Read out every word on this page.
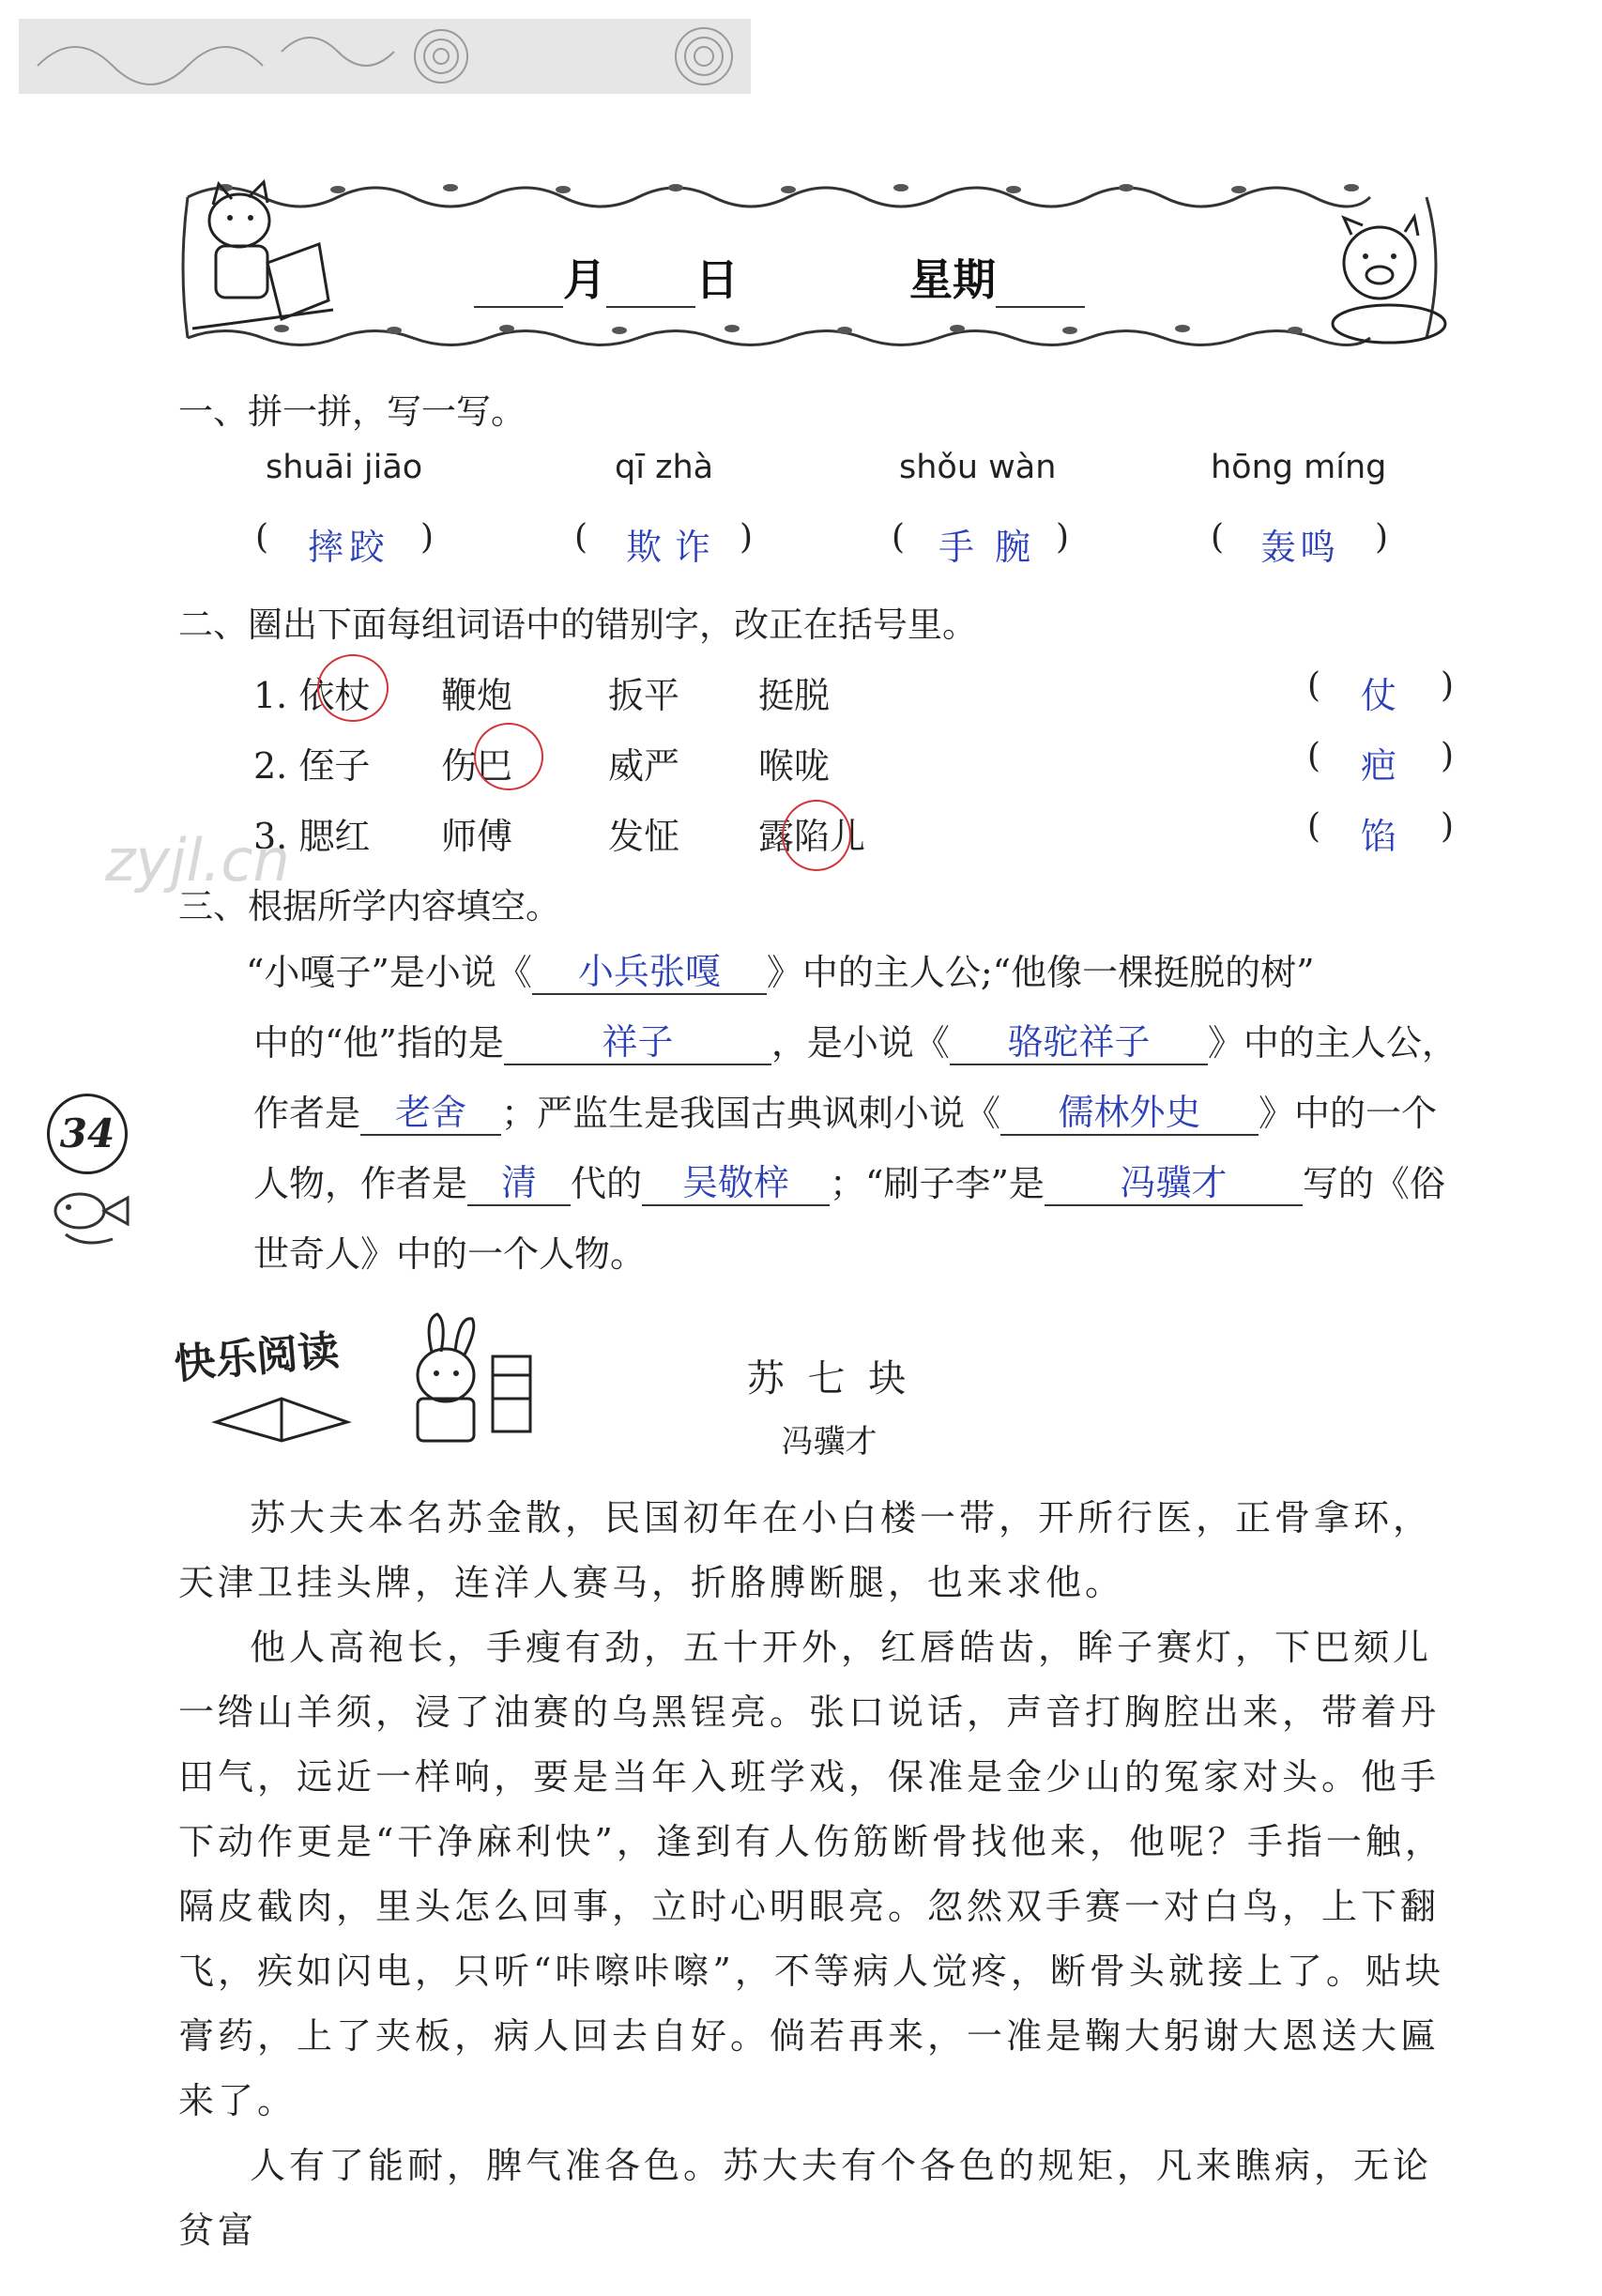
月 日	星期
一、拼一拼，写一写。
shuāi jiāo	qī zhà	shǒu wàn	hōng míng
( 摔跤 )	( 欺诈 )	( 手腕 )	( 轰鸣 )
二、圈出下面每组词语中的错别字，改正在括号里。
1. 依杖 鞭炮	扳平 挺脱	( 仗 )
2. 侄子 伤巴	威严 喉咙	( 疤 )
3. 腮红 师傅	发怔 露陷儿	( 馅 )
zyjl.cn
三、根据所学内容填空。
“小嘎子”是小说《 小兵张嘎 》中的主人公;“他像一棵挺脱的树”
中的“他”指的是	祥子	，是小说《 骆驼祥子 》中的主人公，
作者是 老舍 ；严监生是我国古典讽刺小说《 儒林外史 》中的一个
人物，作者是 清 代的 吴敬梓 ；“刷子李”是 冯骥才 写的《俗
世奇人》中的一个人物。
34
快乐阅读	苏 七 块
冯骥才
苏大夫本名苏金散，民国初年在小白楼一带，开所行医，正骨拿环，天津卫挂头牌，连洋人赛马，折胳膊断腿，也来求他。
他人高袍长，手瘦有劲，五十开外，红唇皓齿，眸子赛灯，下巴颏儿一绺山羊须，浸了油赛的乌黑锃亮。张口说话，声音打胸腔出来，带着丹田气，远近一样响，要是当年入班学戏，保准是金少山的冤家对头。他手下动作更是“干净麻利快”，逢到有人伤筋断骨找他来，他呢？手指一触，隔皮截肉，里头怎么回事，立时心明眼亮。忽然双手赛一对白鸟，上下翻飞，疾如闪电，只听“咔嚓咔嚓”，不等病人觉疼，断骨头就接上了。贴块膏药，上了夹板，病人回去自好。倘若再来，一准是鞠大躬谢大恩送大匾来了。
人有了能耐，脾气准各色。苏大夫有个各色的规矩，凡来瞧病，无论贫富
